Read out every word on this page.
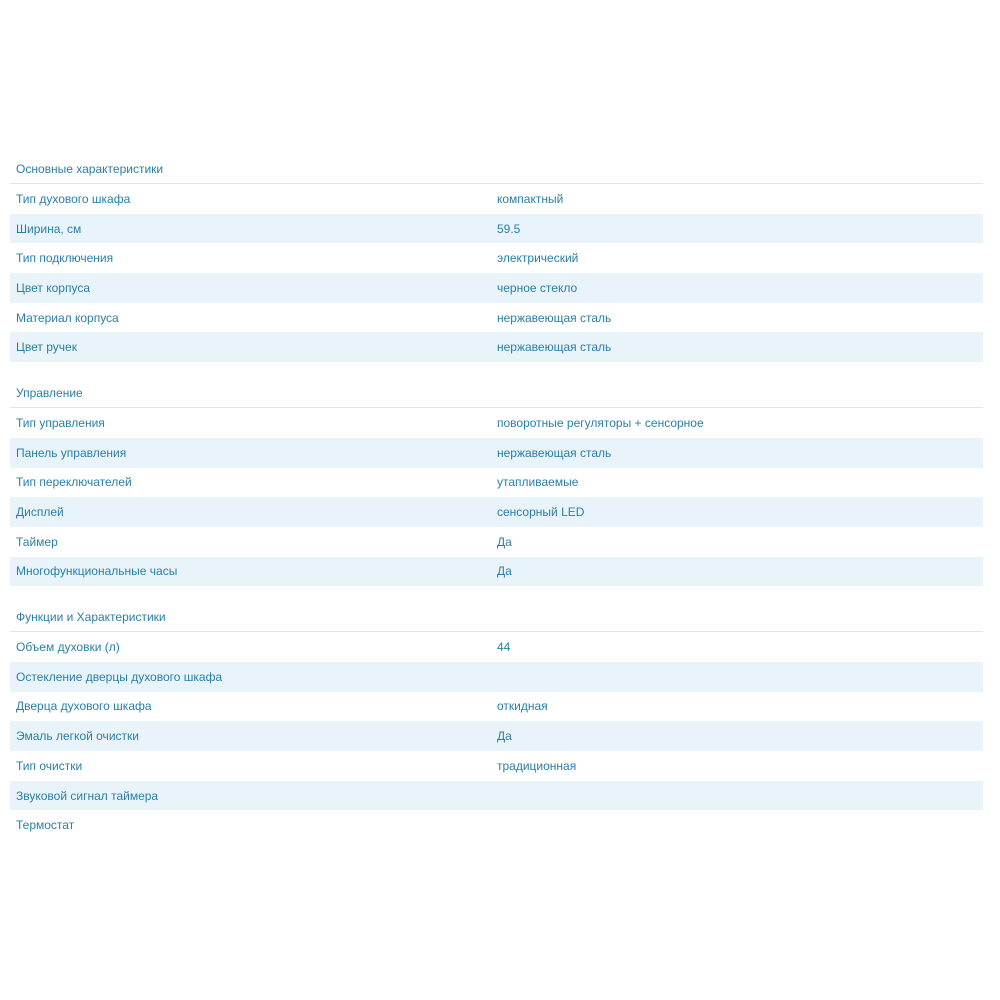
Основные характеристики
Тип духового шкафа	компактный
Ширина, см	59.5
Тип подключения	электрический
Цвет корпуса	черное стекло
Материал корпуса	нержавеющая сталь
Цвет ручек	нержавеющая сталь
Управление
Тип управления	поворотные регуляторы + сенсорное
Панель управления	нержавеющая сталь
Тип переключателей	утапливаемые
Дисплей	сенсорный LED
Таймер	Да
Многофункциональные часы	Да
Функции и Характеристики
Объем духовки (л)	44
Остекление дверцы духового шкафа
Дверца духового шкафа	откидная
Эмаль легкой очистки	Да
Тип очистки	традиционная
Звуковой сигнал таймера
Термостат
